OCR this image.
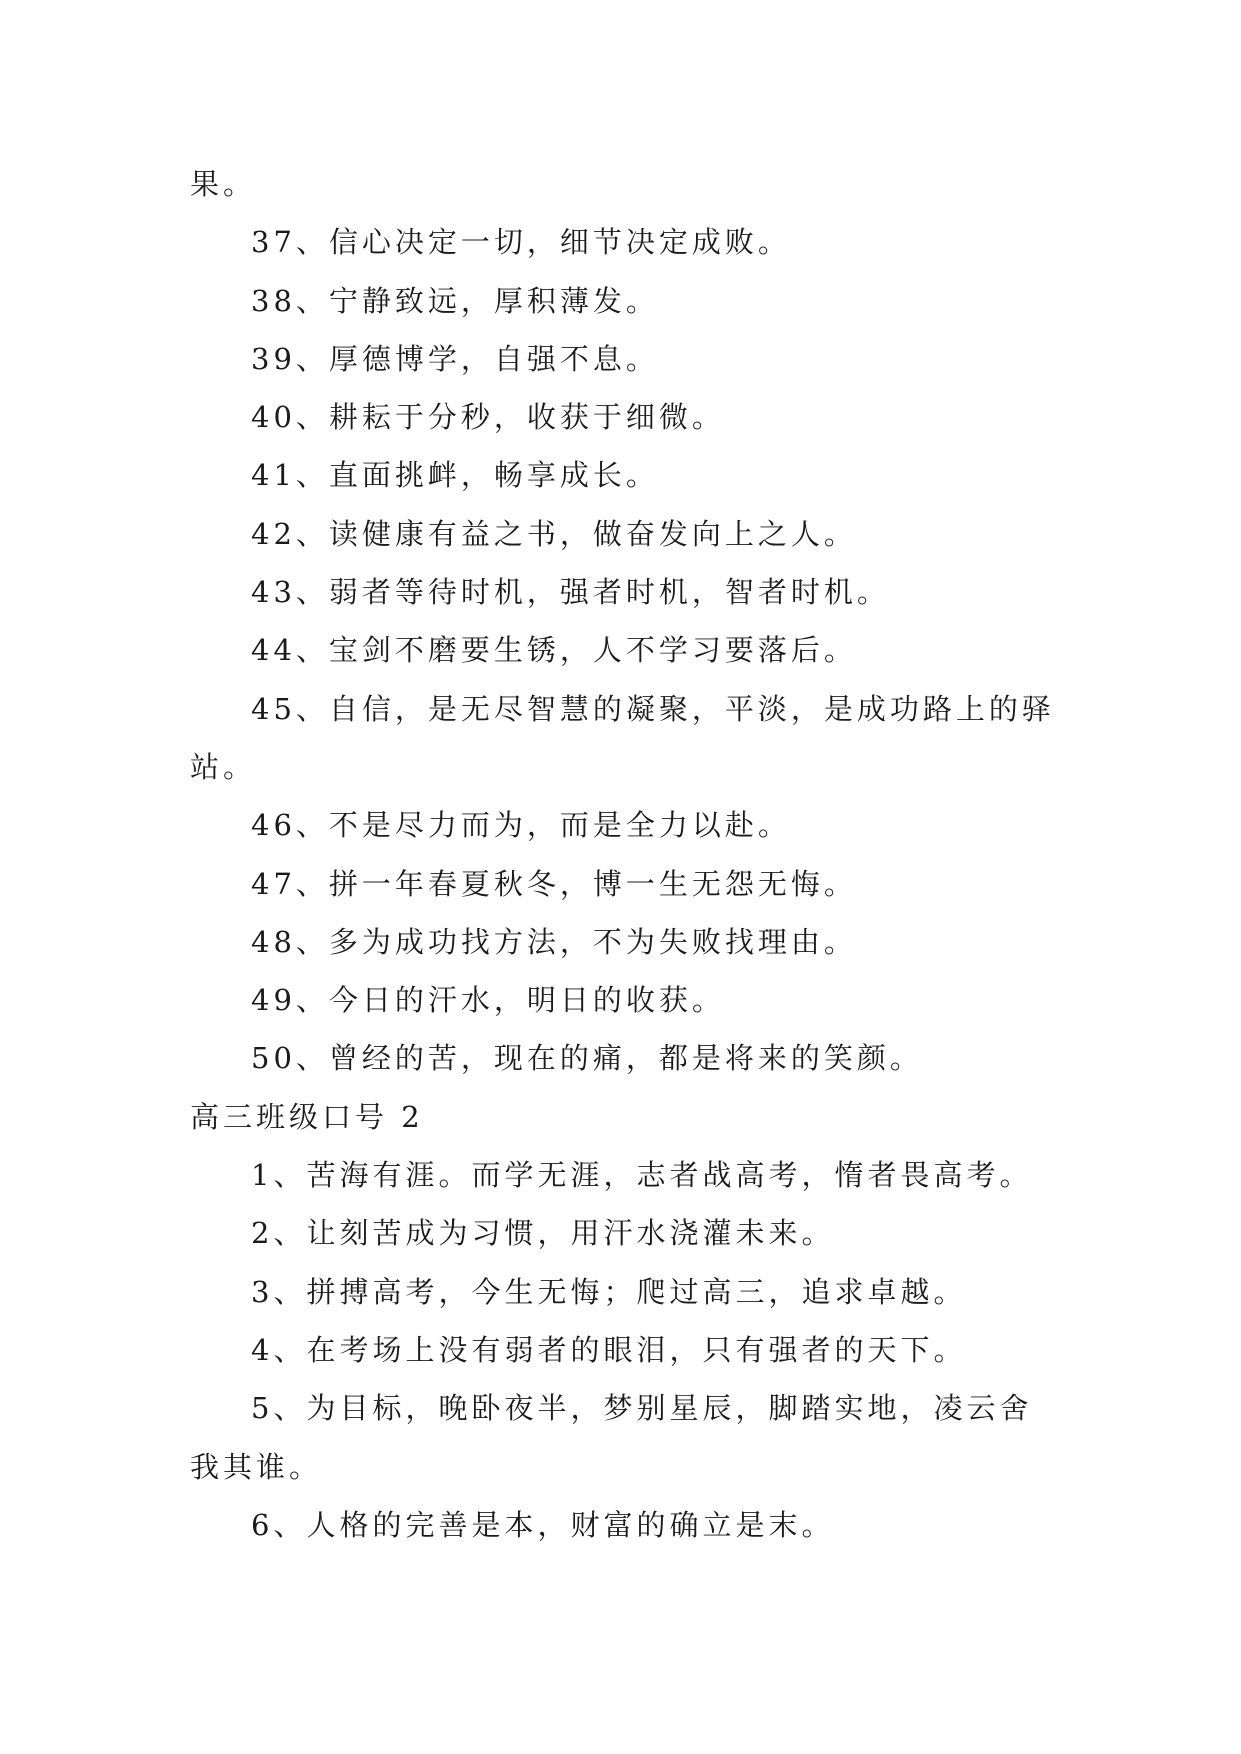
果。
37、信心决定一切，细节决定成败。
38、宁静致远，厚积薄发。
39、厚德博学，自强不息。
40、耕耘于分秒，收获于细微。
41、直面挑衅，畅享成长。
42、读健康有益之书，做奋发向上之人。
43、弱者等待时机，强者时机，智者时机。
44、宝剑不磨要生锈，人不学习要落后。
45、自信，是无尽智慧的凝聚，平淡，是成功路上的驿
站。
46、不是尽力而为，而是全力以赴。
47、拼一年春夏秋冬，博一生无怨无悔。
48、多为成功找方法，不为失败找理由。
49、今日的汗水，明日的收获。
50、曾经的苦，现在的痛，都是将来的笑颜。
高三班级口号 2
1、苦海有涯。而学无涯，志者战高考，惰者畏高考。
2、让刻苦成为习惯，用汗水浇灌未来。
3、拼搏高考，今生无悔；爬过高三，追求卓越。
4、在考场上没有弱者的眼泪，只有强者的天下。
5、为目标，晚卧夜半，梦别星辰，脚踏实地，凌云舍
我其谁。
6、人格的完善是本，财富的确立是末。
